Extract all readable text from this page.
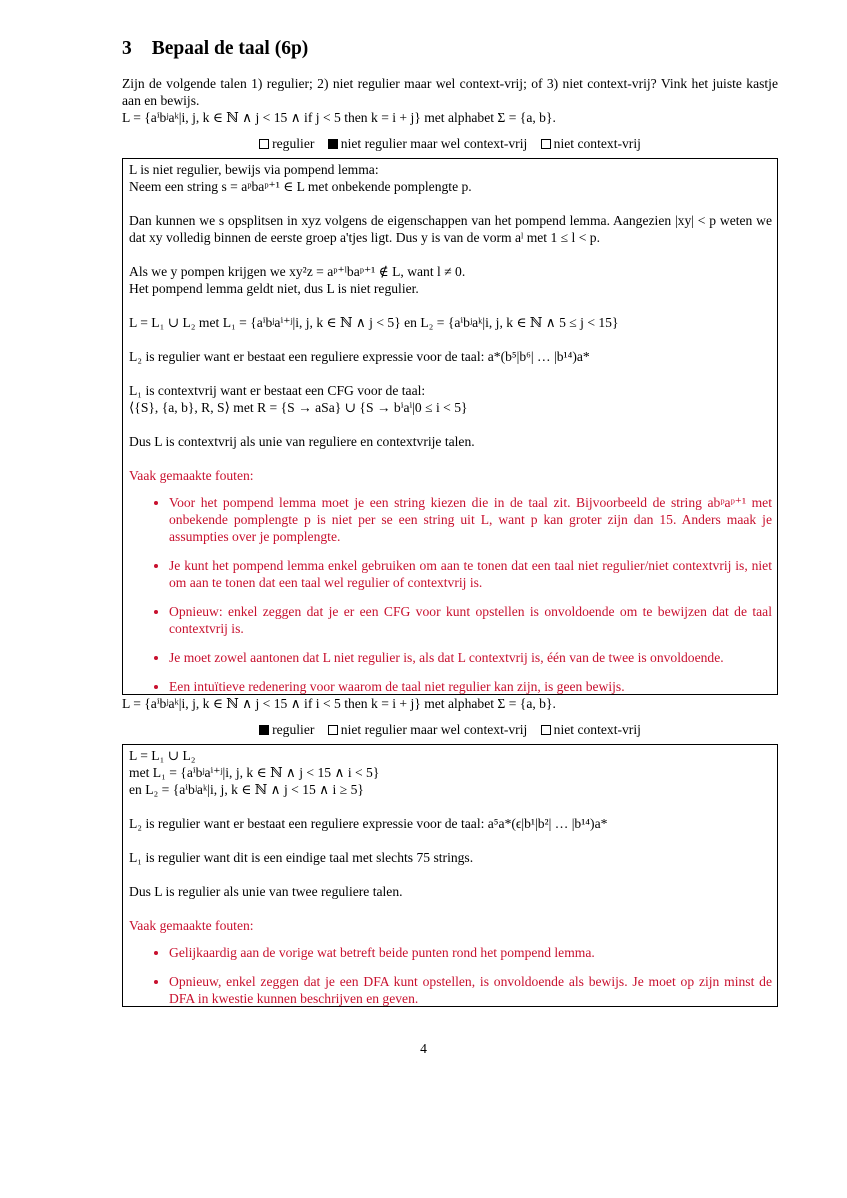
3 Bepaal de taal (6p)

Zijn de volgende talen 1) regulier; 2) niet regulier maar wel context-vrij; of 3) niet context-vrij? Vink het juiste kastje aan en bewijs.

L = {aⁱbʲaᵏ|i, j, k ∈ ℕ ∧ j < 15 ∧ if j < 5 then k = i + j} met alphabet Σ = {a, b}.

regulier niet regulier maar wel context-vrij niet context-vrij

L is niet regulier, bewijs via pompend lemma:

Neem een string s = aᵖbaᵖ⁺¹ ∈ L met onbekende pomplengte p.

Dan kunnen we s opsplitsen in xyz volgens de eigenschappen van het pompend lemma. Aangezien |xy| < p weten we dat xy volledig binnen de eerste groep a'tjes ligt. Dus y is van de vorm aˡ met 1 ≤ l < p.

Als we y pompen krijgen we xy²z = aᵖ⁺ˡbaᵖ⁺¹ ∉ L, want l ≠ 0.

Het pompend lemma geldt niet, dus L is niet regulier.

L = L₁ ∪ L₂ met L₁ = {aⁱbʲaⁱ⁺ʲ|i, j, k ∈ ℕ ∧ j < 5} en L₂ = {aⁱbʲaᵏ|i, j, k ∈ ℕ ∧ 5 ≤ j < 15}

L₂ is regulier want er bestaat een reguliere expressie voor de taal: a*(b⁵|b⁶| … |b¹⁴)a*

L₁ is contextvrij want er bestaat een CFG voor de taal:

⟨{S}, {a, b}, R, S⟩ met R = {S → aSa} ∪ {S → bⁱaⁱ|0 ≤ i < 5}

Dus L is contextvrij als unie van reguliere en contextvrije talen.

Vaak gemaakte fouten:

• Voor het pompend lemma moet je een string kiezen die in de taal zit. Bijvoorbeeld de string abᵖaᵖ⁺¹ met onbekende pomplengte p is niet per se een string uit L, want p kan groter zijn dan 15. Anders maak je assumpties over je pomplengte.
• Je kunt het pompend lemma enkel gebruiken om aan te tonen dat een taal niet regulier/niet contextvrij is, niet om aan te tonen dat een taal wel regulier of contextvrij is.
• Opnieuw: enkel zeggen dat je er een CFG voor kunt opstellen is onvoldoende om te bewijzen dat de taal contextvrij is.
• Je moet zowel aantonen dat L niet regulier is, als dat L contextvrij is, één van de twee is onvoldoende.
• Een intuïtieve redenering voor waarom de taal niet regulier kan zijn, is geen bewijs.

L = {aⁱbʲaᵏ|i, j, k ∈ ℕ ∧ j < 15 ∧ if i < 5 then k = i + j} met alphabet Σ = {a, b}.

regulier niet regulier maar wel context-vrij niet context-vrij

L = L₁ ∪ L₂

met L₁ = {aⁱbʲaⁱ⁺ʲ|i, j, k ∈ ℕ ∧ j < 15 ∧ i < 5}

en L₂ = {aⁱbʲaᵏ|i, j, k ∈ ℕ ∧ j < 15 ∧ i ≥ 5}

L₂ is regulier want er bestaat een reguliere expressie voor de taal: a⁵a*(ϵ|b¹|b²| … |b¹⁴)a*

L₁ is regulier want dit is een eindige taal met slechts 75 strings.

Dus L is regulier als unie van twee reguliere talen.

Vaak gemaakte fouten:

• Gelijkaardig aan de vorige wat betreft beide punten rond het pompend lemma.
• Opnieuw, enkel zeggen dat je een DFA kunt opstellen, is onvoldoende als bewijs. Je moet op zijn minst de DFA in kwestie kunnen beschrijven en geven.
4
